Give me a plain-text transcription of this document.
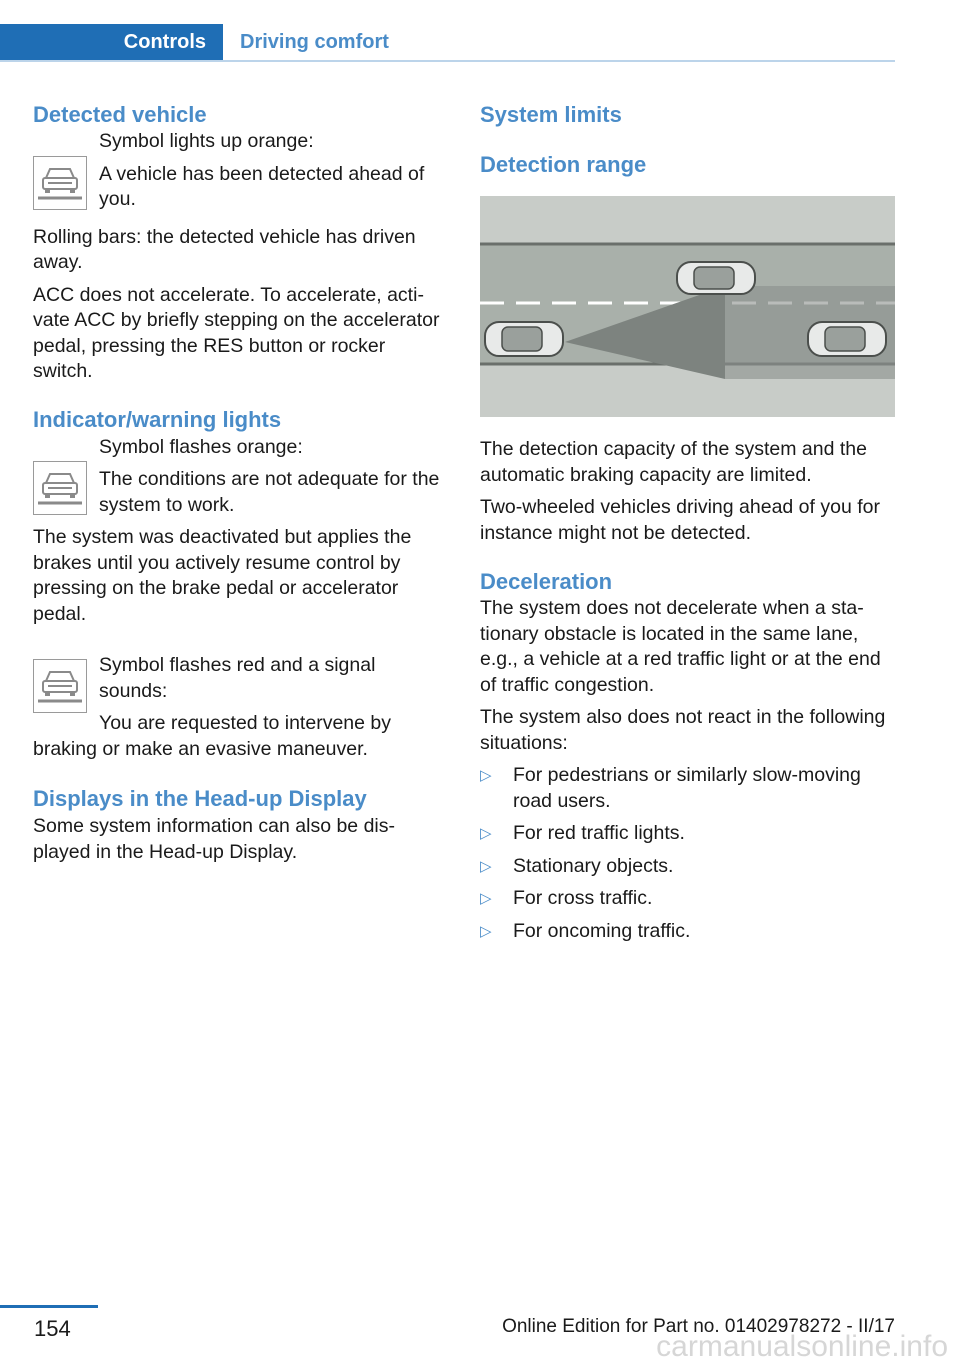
Controls	Driving comfort
Detected vehicle

Symbol lights up orange:

A vehicle has been detected ahead of you.

Rolling bars: the detected vehicle has driven away.

ACC does not accelerate. To accelerate, activate ACC by briefly stepping on the accelerator pedal, pressing the RES button or rocker switch.

Indicator/warning lights

Symbol flashes orange:

The conditions are not adequate for the system to work.

The system was deactivated but applies the brakes until you actively resume control by pressing on the brake pedal or accelerator pedal.

Symbol flashes red and a signal sounds:

You are requested to intervene by braking or make an evasive maneuver.

Displays in the Head-up Display

Some system information can also be displayed in the Head-up Display.

System limits
Detection range

The detection capacity of the system and the automatic braking capacity are limited.

Two-wheeled vehicles driving ahead of you for instance might not be detected.

Deceleration

The system does not decelerate when a stationary obstacle is located in the same lane, e.g., a vehicle at a red traffic light or at the end of traffic congestion.

The system also does not react in the following situations:

▷ For pedestrians or similarly slow-moving road users.
▷ For red traffic lights.
▷ Stationary objects.
▷ For cross traffic.
▷ For oncoming traffic.
154	Online Edition for Part no. 01402978272 - II/17
carmanualsonline.info
